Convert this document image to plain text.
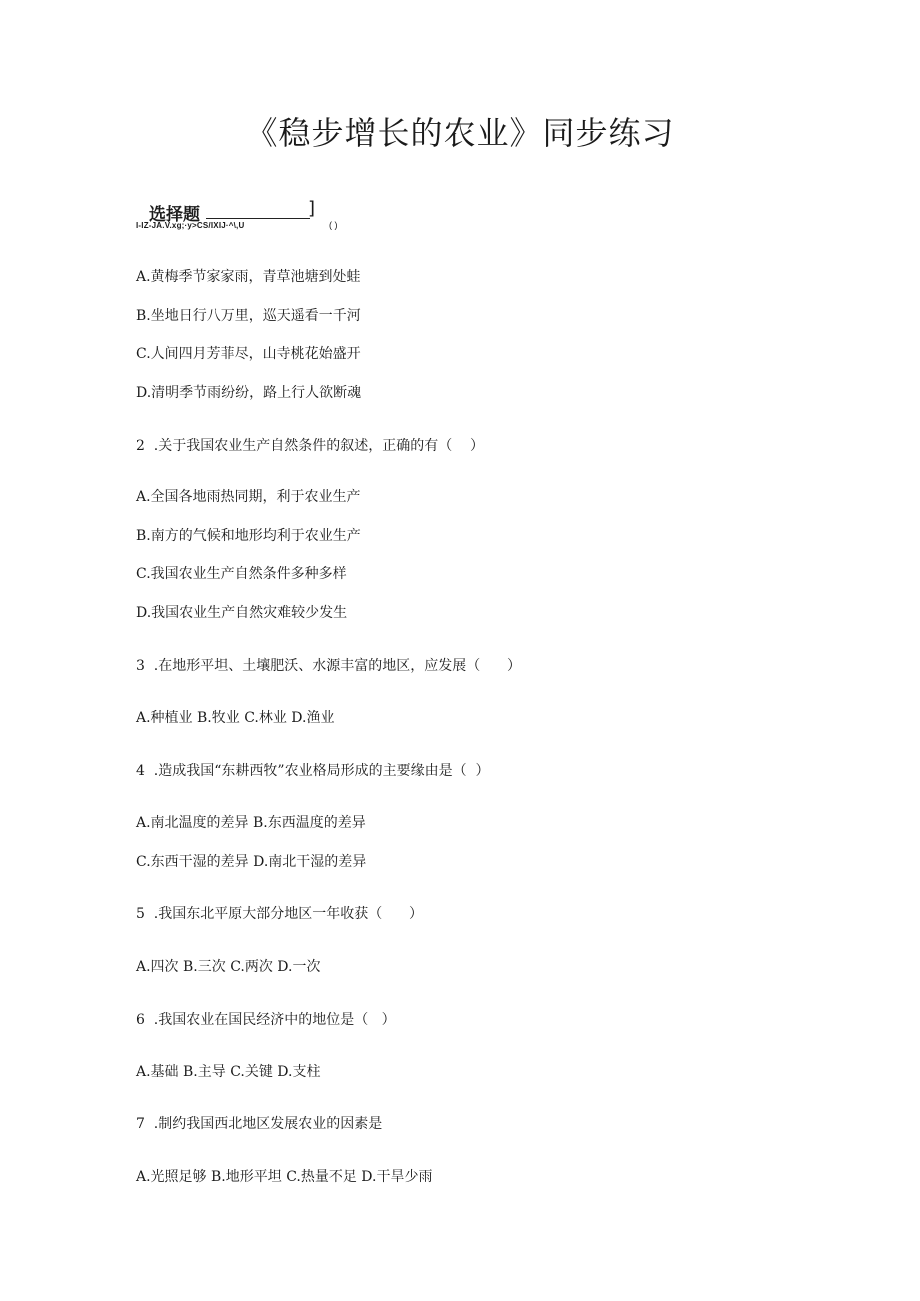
《稳步增长的农业》同步练习
选择题	]
I-IZ-JA.V.xg;·y>CS/IXIJ·^\,U	( )
A.黄梅季节家家雨，青草池塘到处蛙
B.坐地日行八万里，巡天遥看一千河
C.人间四月芳菲尽，山寺桃花始盛开
D.清明季节雨纷纷，路上行人欲断魂
2  .关于我国农业生产自然条件的叙述，正确的有（    ）
A.全国各地雨热同期，利于农业生产
B.南方的气候和地形均利于农业生产
C.我国农业生产自然条件多种多样
D.我国农业生产自然灾难较少发生
3  .在地形平坦、土壤肥沃、水源丰富的地区，应发展（      ）
A.种植业 B.牧业 C.林业 D.渔业
4  .造成我国“东耕西牧”农业格局形成的主要缘由是（  ）
A.南北温度的差异 B.东西温度的差异
C.东西干湿的差异 D.南北干湿的差异
5  .我国东北平原大部分地区一年收获（      ）
A.四次 B.三次 C.两次 D.一次
6  .我国农业在国民经济中的地位是（   ）
A.基础 B.主导 C.关键 D.支柱
7  .制约我国西北地区发展农业的因素是
A.光照足够 B.地形平坦 C.热量不足 D.干旱少雨
